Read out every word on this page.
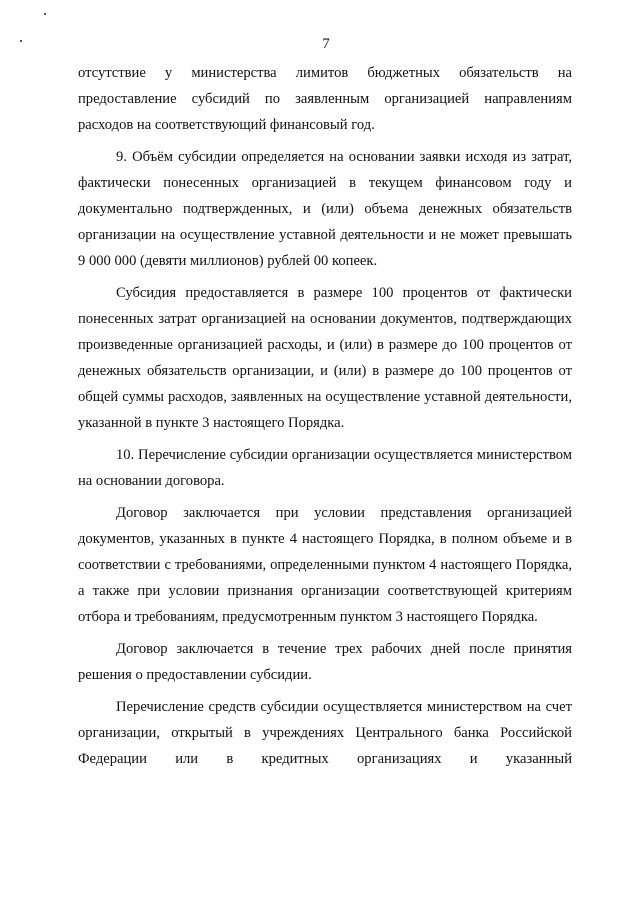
7

отсутствие у министерства лимитов бюджетных обязательств на предоставление субсидий по заявленным организацией направлениям расходов на соответствующий финансовый год.

9. Объём субсидии определяется на основании заявки исходя из затрат, фактически понесенных организацией в текущем финансовом году и документально подтвержденных, и (или) объема денежных обязательств организации на осуществление уставной деятельности и не может превышать 9 000 000 (девяти миллионов) рублей 00 копеек.

Субсидия предоставляется в размере 100 процентов от фактически понесенных затрат организацией на основании документов, подтверждающих произведенные организацией расходы, и (или) в размере до 100 процентов от денежных обязательств организации, и (или) в размере до 100 процентов от общей суммы расходов, заявленных на осуществление уставной деятельности, указанной в пункте 3 настоящего Порядка.

10. Перечисление субсидии организации осуществляется министерством на основании договора.

Договор заключается при условии представления организацией документов, указанных в пункте 4 настоящего Порядка, в полном объеме и в соответствии с требованиями, определенными пунктом 4 настоящего Порядка, а также при условии признания организации соответствующей критериям отбора и требованиям, предусмотренным пунктом 3 настоящего Порядка.

Договор заключается в течение трех рабочих дней после принятия решения о предоставлении субсидии.

Перечисление средств субсидии осуществляется министерством на счет организации, открытый в учреждениях Центрального банка Российской Федерации или в кредитных организациях и указанный
